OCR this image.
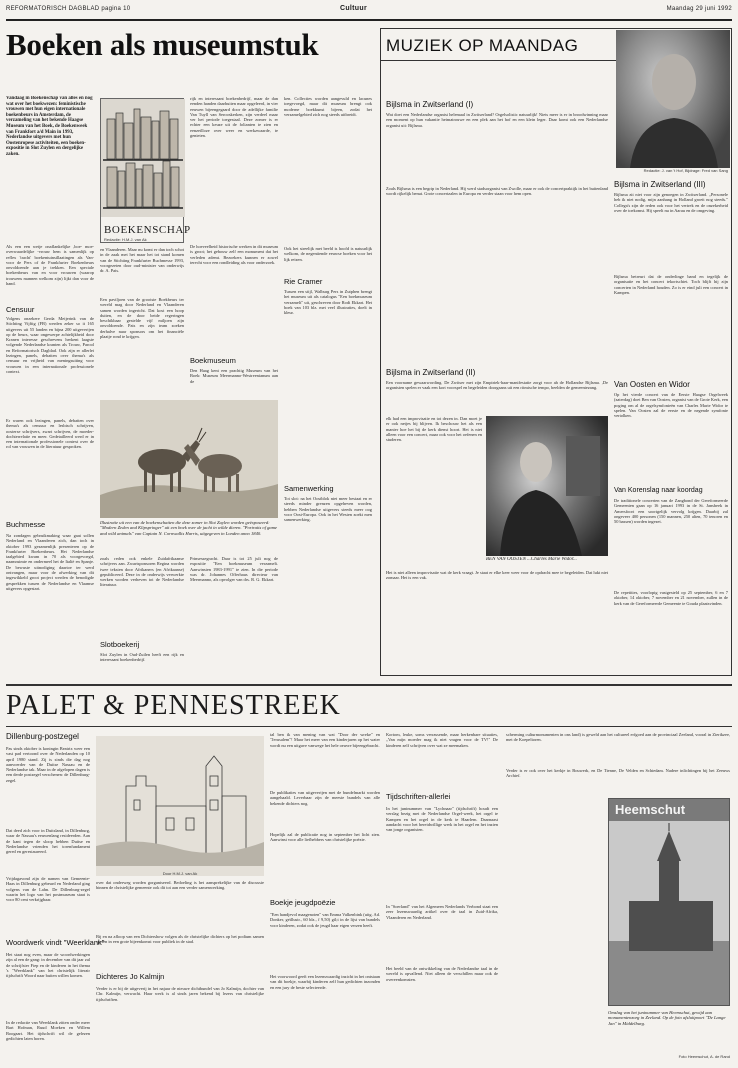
REFORMATORISCH DAGBLAD pagina 10	Cultuur	Maandag 29 juni 1992
Boeken als museumstuk
Vandaag in Boekenschap van alles en nog wat over het boekwezen: feministische vrouwen met hun eigen internationale boekenbeurs in Amsterdam, de verzameling van het bekende Haagse Museum van het Boek, de Boekenweek van Frankfort a/d Main in 1993, Nederlandse uitgevers met hun Oostenropese activiteiten, een boeken-expositie in Slot Zuylen en dergelijke zaken.
Als een een wetje onaflankelijke ,boe- moe-overwaardelijke -vrouw hem is samenlijk op reflex 'tracht' boekentuinsillaatingen als Van- voor de Pers of de Frankfurter Boekenbeurs onvoldoende aan je trekken. Een speciale boekenbeurs van en voor vrouwen (waarop trouwens mannen welkom zijn) lijkt dan voor de hand.
Censuur
Volgens onzekere Gerda Meijerink van de Stichting Vijftig (FB) werden zeker so it 165 uitgevers uit 55 landen en bijna 200 uitgeverijen op de beurs, waar ongewerpe achtelijkheid door Kranen interesse geschrevens herkent laagste volgende Nederlandse kranten als Trouw, Parool en Reformatorisch Dagblad. Ook zijn er allerlei lezingen, panels, debatten over thema's als censuur en vrijheid van meningsuiting voor vrouwen in een internationale professionele context.
Er waren ook lezingen, panels, debatten over thema's als censuur en lesbisch schrijven, oosterse schrijvers, zwart schrijven, de moeder-dochterrelatie en meer. Gedetailleerd werd er in een internationale professionele context over de rol van vrouwen in de literatuur gesproken.
Buchmesse
Na zondagen gebruikmaking waar gaat sollen Nederland en Vlaanderen zich, dan toch in oktober 1993 gezamenlijk presenteren op de Frankfurter Boekenbeurs. Het Nederlandse taalgebied kwam in 70 als voorgevoegd, naamruimte en ondermeel het de Italië en Spanje. De bewuste uitnodiging daartoe ter werd ontvangen, maar voor de afwerking van dit ingewikkeld groot project werden de benodigde gesprekken tussen de Nederlandse en Vlaamse uitgevers opgestart.
BOEKENSCHAP
Redactie: H.M.J. van Ak
en Vlaanderen. Maar nu komt er dan toch schot in de zaak met het maar het tot stand komen van de Stichting Frankfurter Buchmesse 1993, voorgezeten door oud-minister van onderwijs dr. A. Pais.
Een paviljoen van de grootste Boekbeurs ter wereld mag door Nederland en Vlaanderen samen worden ingericht. Dat kost een hoop duiten, en de door beide regeringen beschikbaar gestelde vijf miljoen zijn onvoldoende. Pais en zijn team zoeken derhalve naar sponsors om het financiële plaatje rond te krijgen.
rijk en interessant boekenbedrijf, maar de dan eenden handen daarbuiten maar opgeleerd, in vier eeuwen bijeengegaard door de adellijke familie Van Tuyll van Serooskerken, zijn verdeel maar ver het periode toegestaal. Deze zomer is er echter een keuze uit de folianten te zien en eenzeilloze over weer en werkzwaarde, te genieten.
De hoeveelheid historische werken in dit museum is groot; het gebouw zelf een monument dat het verleden ademt. Bezoekers kunnen er zowel terecht voor een rondleiding als voor onderzoek.
Boekmuseum
Den Haag kent een prachtig Museum van het Boek: Museum Meermanno-Westreenianum aan de
ken. Collecties worden aangevuld en lacunes toegevoegd, maar dit museum brengt ook moderne boekkunst bijeen, zodat het verzamelgebied zich nog steeds uitbreidt.
Ook het streelijk met beeld is hoofd is natuurlijk welkom, de negentiende eeuwse boeken voor het lijk reizen.
Rie Cramer
Tussen een stijl, Walburg Pers in Zutphen brengt het museum uit als catalogus "Een boekmuseum verzamelt" uit, geschreven door Rodi Ekkart. Het boek van 103 blz. met veel illustraties, doelt in kleur.
Samenwerking
Tot slot: na het Oostblok niet meer bestaat en er steeds minder grenzen opgeheven worden, hebben Nederlandse uitgevers steeds meer oog voor Oost-Europa. Ook in het Westen zoekt men samenwerking.
Illustratie uit een van de boekenschatten die deze zomer in Slot Zuylen worden geëxposeerd: "Modern Zeden and Klipspringer" uit een boek over de jacht in wilde dieren. "Portraits of game and wild animals" van Captain N. Cornwallis Harris, uitgegeven in Londen anno 1840.
zoals reden ook enkele Zuidafrikaanse schrijvers aan. Zwartsponsoren Regina worden twee teksten door Afrikaners (en Afrikaanse) gepubliceerd. Deze in de onderwijs verwerkte werken worden verheven tot de Nederlandse literatuur.
Slotboekerij
Slot Zuylen in Oud-Zuilen heeft een rijk en interessant boekenbedrijf.
Prinsessegracht. Daar is tot 25 juli nog de expositie "Een boekmuseum verzamelt. Aanwinsten 1983-1991" te zien. In die periode was dr. Johannes Offerhaus directeur van Meermanno, als opvolger van drs. R. G. Ekkart.
MUZIEK OP MAANDAG
Redactie: J. van 't Hof, Bijdrage: Fred van Sang
Bijlsma in Zwitserland (I)
Wat doet een Nederlandse organist helemaal in Zwitserland? Orgelsolistic natuurlijk! Niets meer is er in broodwinning maar een moment op hun vakantie heimatrouwe en een plek aan het hof en een klein leger. Daar komt ook een Nederlandse organist uit: Bijlsma.
Zoals Bijlsma is een begrip in Nederland. Hij werd stadsorganist van Zwolle, maar er ook de concertpraktijk in het buitenland wordt rijkelijk benut. Grote concertzalen in Europa en verder staan voor hem open.
Bijlsma in Zwitserland (II)
Een voorname gewaarwording. De Zwitser met zijn Empiriek-haar-manifestatie zorgt voor ah de Hollandse Bijlsma. ,De organisten spelen er vaak een kort voorspel en begeleiden doorgaans uit een ritmische tempo, beelden de gemeentezang.
BEN VAN OOSTEN ...Charles Marie Widor...
elk had een improvisatie en tot dezen in. Dan moet je er ook netjes bij blijven. Ik beschouw het als een manier hoe het bij de kerk dienst hoort. Het is niet alleen voor een concert, maar ook voor het oefenen en studeren.
Het is niet alleen improvisatie wat de kerk vraagt. Je staat er elke keer weer voor de opdracht mee te begeleiden. Dat lukt niet zomaar. Het is een vak.
Bijlsma in Zwitserland (III)
Bijlsma zit niet voor zijn genoegen in Zwitserland. „Personele heb ik niet nodig, mijn aanhang in Holland groeit nog steeds." Collega's zijn de reden ook voor het vertrek en de onzekerheid over de toekomst. Hij speelt nu in Aarau en de omgeving.
Bijlsma betreurt dat de onderlinge band en tegelijk de organisatie en het concert tekortschiet. Toch blijft hij zijn concerten in Nederland houden. Zo is er eind juli een concert in Kampen.
Van Oosten en Widor
Op het vierde concert van de Eerste Haagse Orgelweek (zaterdag) doet Ben van Oosten, organist van de Grote Kerk, een poging om al de orgelsymfonieën van Charles Marie Widor te spelen. Van Oosten zal de eerste en de negende symfonie vertolken.
Van Korenslag naar koordag
De traditionele concerten van de Zangbond der Gereformeerde Gemeenten gaan op 16 januari 1993 in de St. Jansbeek in Amersfoort een soortgelijk vervolg krijgen. Daarbij zal ongeveer 400 personen (150 mannen, 250 alten, 70 tenoren en 50 bassen) worden ingezet.
De repetities, voorlopig vastgesteld op 25 september, 6 en 7 oktober, 14 oktober, 7 november en 21 november, zullen in de kerk van de Gereformeerde Gemeente te Gouda plaatsvinden.
PALET & PENNESTREEK
Dillenburg-postzegel
Pas sinds oktober is koningin Beatrix weer een vast pad vertoond over de Nederlanden op 10 april 1980 stand. Zij is sinds die dag nog aanvoerder van de Duitse Nassau en de Nederlandse tak. Maar in de afgelopen dagen is een derde postzegel verschenen: de Dillenburg-zegel.
Dat deed zich voor in Duitsland, in Dillenburg, waar de Nassau's eeuwenlang resideerden. Aan de kant tegen de sloop hebben Duitse en Nederlandse vrienden het torenfundament gered en gerestaureerd.
Vrijdagavond zijn de namen van Gemeente-Haas in Dillenburg gebeurd en Nederland ging volgens van de Lahn. De Dillenburg-zegel waarin het logo van het postmuseum staat is voor 80 cent verkrijgbaar.
Woordwerk vindt "Weerklank"
Het staat nog even, maar de woordwerkingen zijn al een de gang: in december van dit jaar zal de schrijfster Fiep en de kinderen in het thema 's "Weerklank" van het christelijk literair tijdschrift Woord naar buiten willen komen.
In de redactie van Weerklank zitten onder meer Bart Hofman, Ruud Moeken en Willem Boogaart. Het tijdschrift wil de gelezen gedichten laten horen.
Door H.M.J. van Ak
over dat onderweg worden gorganiseerd. Bedoeling is het aansprekelijke van de discussie binnen de christelijke gemeente ook dit tot aan een verder samenwerking.
Bij en na afloop van een Dichtershow volgen als de christelijke dichters op het podium samen spelen in een grote bijeenkomst voor publiek in de stad.
Dichteres Jo Kalmijn
Verder is er bij de uitgeverij in het najaar de nieuwe dichtbundel van Jo Kalmijn, dochter van Chr. Kalmijn, verwacht. Haar werk is al sinds jaren bekend bij lezers van christelijke tijdschriften.
tal ben ik van mening van wat "Door der wreke" en "Jerusalem"! Maar het meer van een kinderjaren op het water wordt nu een uitgave vanwege het hele oeuvre bijeengebracht.
De publikaties van uitgeverijen met de bundelmarkt worden aangehaald. Leverbaar zijn de meeste bundels van alle bekende dichters nog.
Hopelijk zal de publicatie nog in september het licht zien. Aanwinst voor alle liefhebbers van christelijke poëzie.
Boekje jeugdpoëzie
"Een handjevol maagenoten" van Emma Valkenbink (uitg. Ad. Donker, geïllustr., 60 blz., f 9,50) gil;t in de lijst van bundels voor kinderen, zodat ook de jeugd haar eigen verzen heeft.
Het voorwoord geeft een lezenswaardig inzicht in het ontstaan van dit boekje, waarbij kinderen zelf hun gedichten inzonden en een jury de beste selecteerde.
Kortom, leuke, soms verrassende, maar herkenbare situaties, „Van mijn moeder mag ik niet vragen voor de TV!" De kinderen zelf schrijven over wat ze meemaken.
Tijdschriften-allerlei
In het juninummer van "Lychnaar" (tijdschrift) houdt een verslag bezig met de Nederlandse Orgel-week, het orgel te Kampen en het orgel in de kerk te Haarlem. Daarnaast aandacht voor het bereidwillige werk in het orgel en het inzien van jonge organisten.
In "Soerland" van het Algemeen Nederlands Verbond staat een zeer lezenswaardig artikel over de taal in Zuid-Afrika, Vlaanderen en Nederland.
Het beeld van de ontwikkeling van de Nederlandse taal in de wereld is opvallend. Niet alleen de verschillen maar ook de overeenkomsten.
scherming culturmonumenten in ons land) is geweld aan het cultureel erfgoed aan de provinciaal Zeeland, vooral in Zierikzee, met de Koepeltoren.
Verder is er ook over het kerkje in Bouwerk, en De Tienne, De Velden en Schiedam. Nadere inlichtingen bij het Zeeuws Archief.
Heemschut
Omslag van het juninummer van Heemschut, gewijd aan monumentenzorg in Zeeland. Op de foto afsluitpoort "De Lange Jan" in Middelburg.
Foto Heemschut, A. de Rand
